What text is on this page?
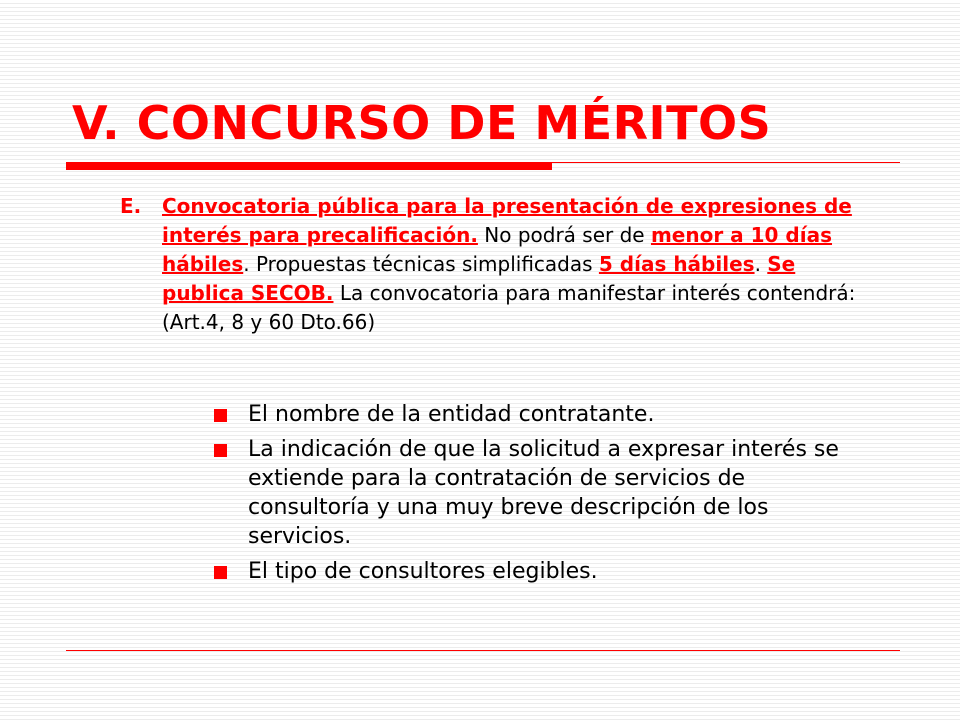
V. CONCURSO DE MÉRITOS
E. Convocatoria pública para la presentación de expresiones de interés para precalificación. No podrá ser de menor a 10 días hábiles. Propuestas técnicas simplificadas 5 días hábiles. Se publica SECOB. La convocatoria para manifestar interés contendrá: (Art.4, 8 y 60 Dto.66)
El nombre de la entidad contratante.
La indicación de que la solicitud a expresar interés se extiende para la contratación de servicios de consultoría y una muy breve descripción de los servicios.
El tipo de consultores elegibles.
